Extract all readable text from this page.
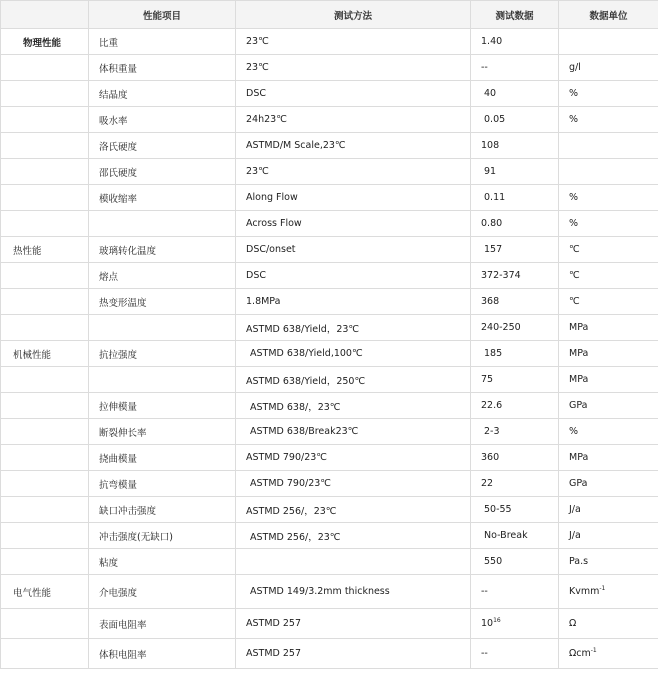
	性能项目	测试方法	测试数据	数据单位
物理性能	比重	23℃	1.40	
	体积重量	23℃	--	g/l
	结晶度	DSC	40	%
	吸水率	24h23℃	0.05	%
	洛氏硬度	ASTMD/M Scale,23℃	108	
	邵氏硬度	23℃	91	
	模收缩率	Along Flow	0.11	%
		Across Flow	0.80	%
热性能	玻璃转化温度	DSC/onset	157	℃
	熔点	DSC	372-374	℃
	热变形温度	1.8MPa	368	℃
		ASTMD 638/Yield，23℃	240-250	MPa
机械性能	抗拉强度	ASTMD 638/Yield,100℃	185	MPa
		ASTMD 638/Yield，250℃	75	MPa
	拉伸模量	ASTMD 638/，23℃	22.6	GPa
	断裂伸长率	ASTMD 638/Break23℃	2-3	%
	挠曲模量	ASTMD 790/23℃	360	MPa
	抗弯模量	ASTMD 790/23℃	22	GPa
	缺口冲击强度	ASTMD 256/，23℃	50-55	J/a
	冲击强度(无缺口)	ASTMD 256/，23℃	No-Break	J/a
	粘度		550	Pa.s
电气性能	介电强度	ASTMD 149/3.2mm thickness	--	Kvmm$^{-1}$
	表面电阻率	ASTMD 257	$10^{16}$	Ω
	体积电阻率	ASTMD 257	--	Ωcm$^{-1}$
